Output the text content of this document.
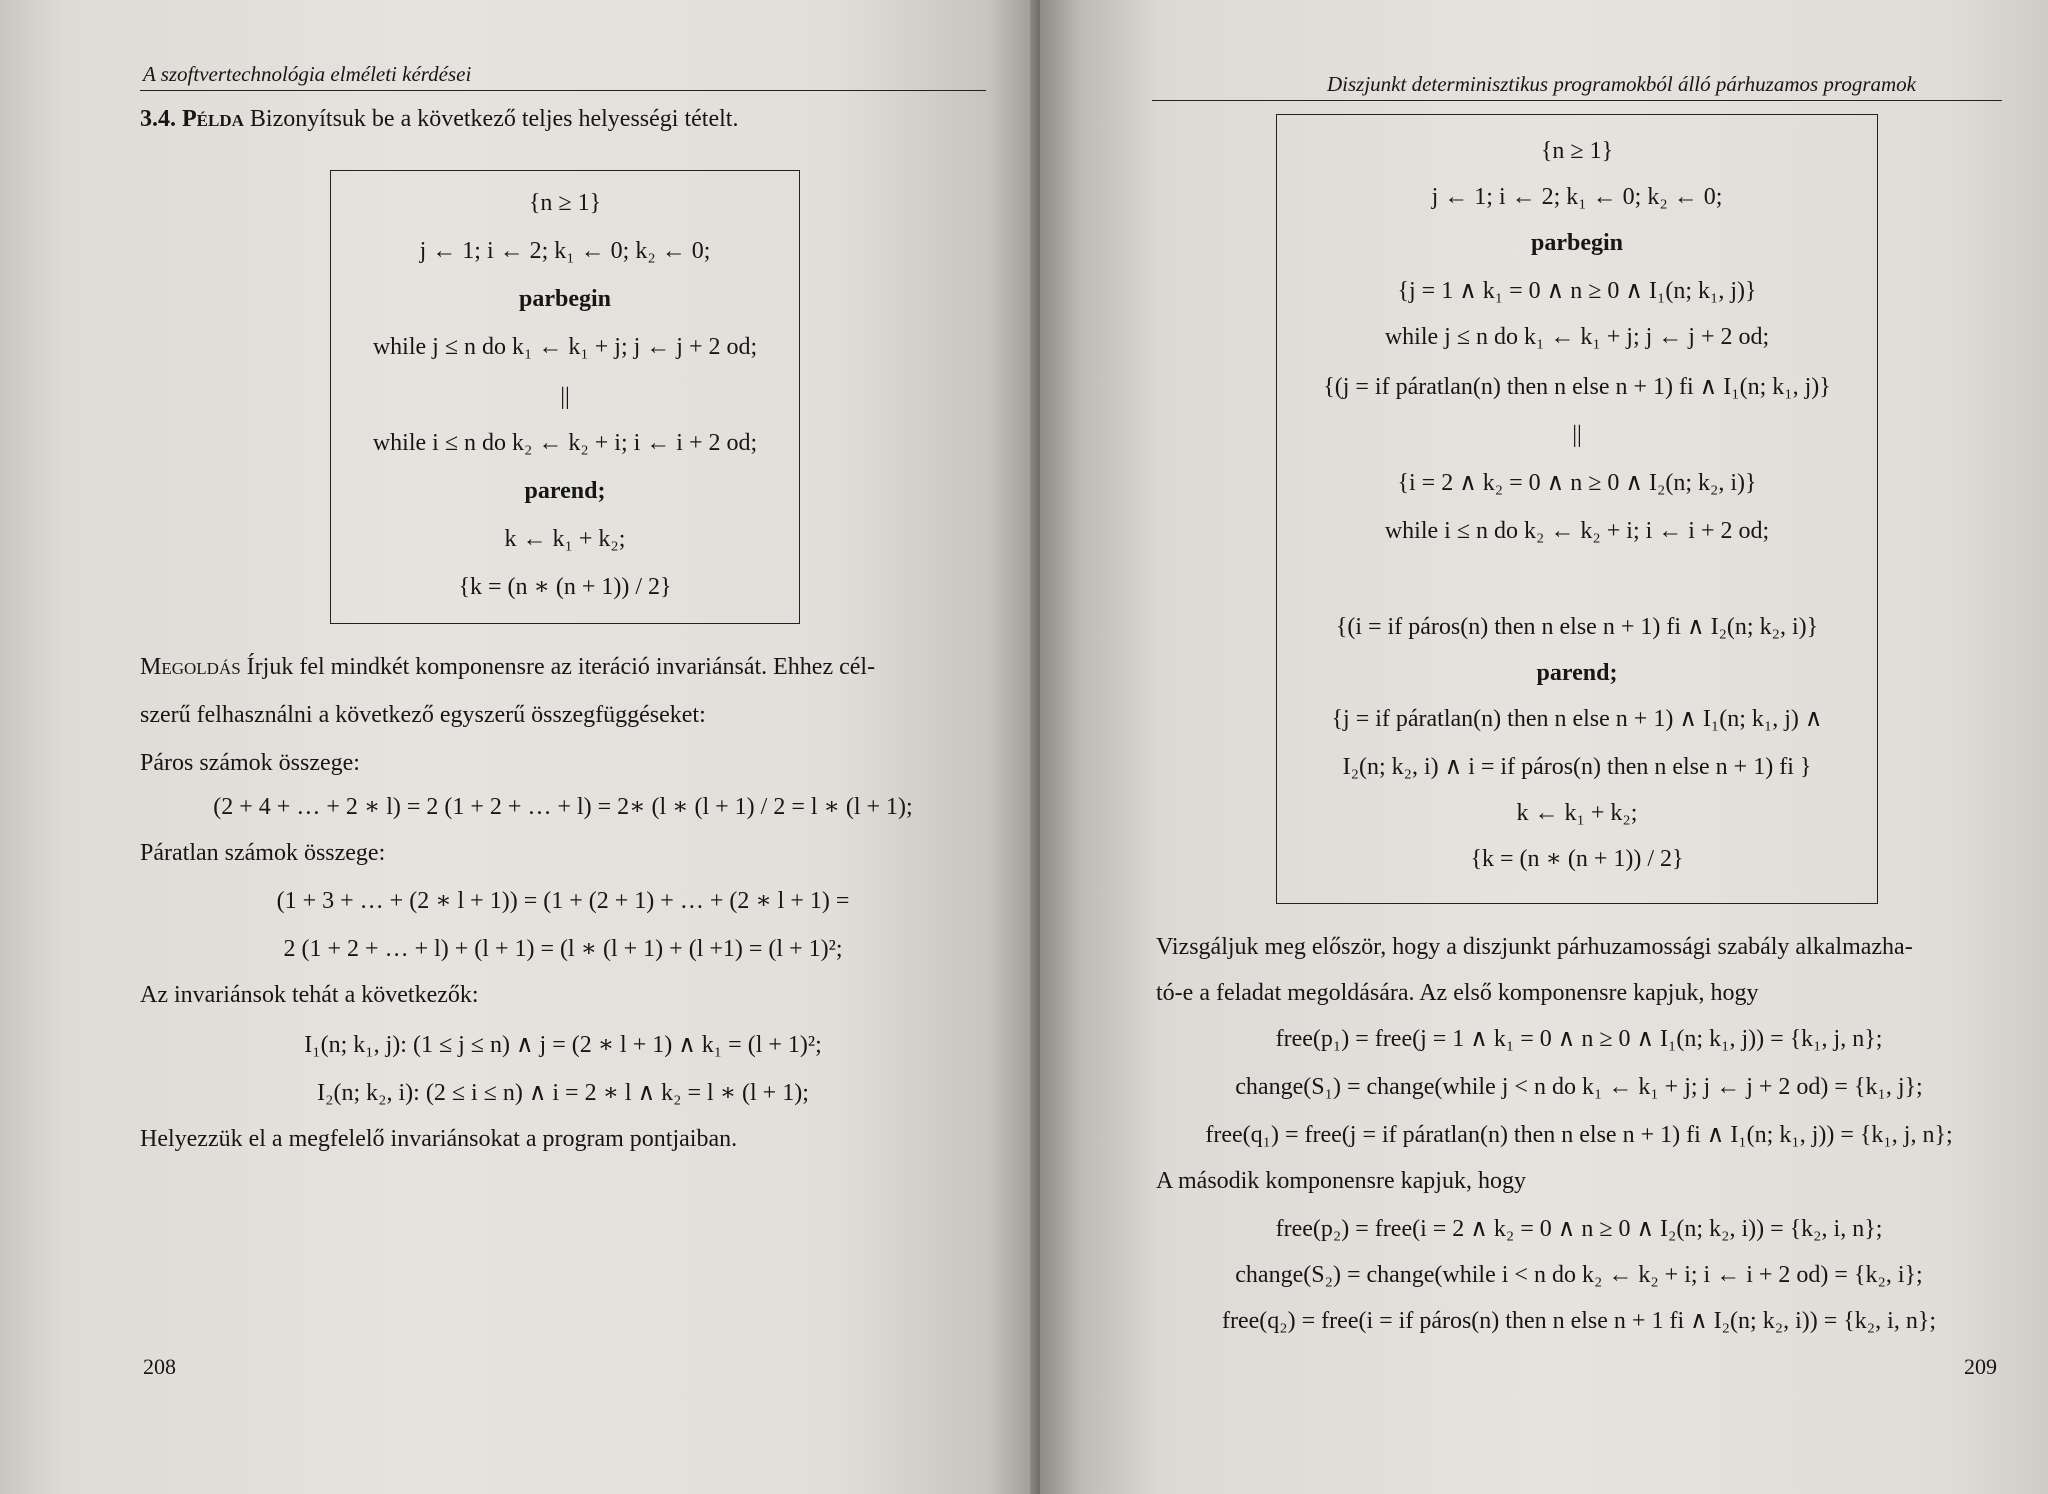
A szoftvertechnológia elméleti kérdései
3.4. Példa Bizonyítsuk be a következő teljes helyességi tételt.
{n ≥ 1}
j ← 1; i ← 2; k₁ ← 0; k₂ ← 0;
parbegin
while j ≤ n do k₁ ← k₁ + j; j ← j + 2 od;
||
while i ≤ n do k₂ ← k₂ + i; i ← i + 2 od;
parend;
k ← k₁ + k₂;
{k = (n ∗ (n + 1)) / 2}
Megoldás Írjuk fel mindkét komponensre az iteráció invariánsát. Ehhez cél-
szerű felhasználni a következő egyszerű összegfüggéseket:
Páros számok összege:
(2 + 4 + … + 2 ∗ l) = 2 (1 + 2 + … + l) = 2∗ (l ∗ (l + 1) / 2 = l ∗ (l + 1);
Páratlan számok összege:
(1 + 3 + … + (2 ∗ l + 1)) = (1 + (2 + 1) + … + (2 ∗ l + 1) =
2 (1 + 2 + … + l) + (l + 1) = (l ∗ (l + 1) + (l +1) = (l + 1)²;
Az invariánsok tehát a következők:
I₁(n; k₁, j): (1 ≤ j ≤ n) ∧ j = (2 ∗ l + 1) ∧ k₁ = (l + 1)²;
I₂(n; k₂, i): (2 ≤ i ≤ n) ∧ i = 2 ∗ l ∧ k₂ = l ∗ (l + 1);
Helyezzük el a megfelelő invariánsokat a program pontjaiban.
208
Diszjunkt determinisztikus programokból álló párhuzamos programok
{n ≥ 1}
j ← 1; i ← 2; k₁ ← 0; k₂ ← 0;
parbegin
{j = 1 ∧ k₁ = 0 ∧ n ≥ 0 ∧ I₁(n; k₁, j)}
while j ≤ n do k₁ ← k₁ + j; j ← j + 2 od;
{(j = if páratlan(n) then n else n + 1) fi ∧ I₁(n; k₁, j)}
||
{i = 2 ∧ k₂ = 0 ∧ n ≥ 0 ∧ I₂(n; k₂, i)}
while i ≤ n do k₂ ← k₂ + i; i ← i + 2 od;
{(i = if páros(n) then n else n + 1) fi ∧ I₂(n; k₂, i)}
parend;
{j = if páratlan(n) then n else n + 1) ∧ I₁(n; k₁, j) ∧
I₂(n; k₂, i) ∧ i = if páros(n) then n else n + 1) fi }
k ← k₁ + k₂;
{k = (n ∗ (n + 1)) / 2}
Vizsgáljuk meg először, hogy a diszjunkt párhuzamossági szabály alkalmazha-
tó-e a feladat megoldására. Az első komponensre kapjuk, hogy
free(p₁) = free(j = 1 ∧ k₁ = 0 ∧ n ≥ 0 ∧ I₁(n; k₁, j)) = {k₁, j, n};
change(S₁) = change(while j < n do k₁ ← k₁ + j; j ← j + 2 od) = {k₁, j};
free(q₁) = free(j = if páratlan(n) then n else n + 1) fi ∧ I₁(n; k₁, j)) = {k₁, j, n};
A második komponensre kapjuk, hogy
free(p₂) = free(i = 2 ∧ k₂ = 0 ∧ n ≥ 0 ∧ I₂(n; k₂, i)) = {k₂, i, n};
change(S₂) = change(while i < n do k₂ ← k₂ + i; i ← i + 2 od) = {k₂, i};
free(q₂) = free(i = if páros(n) then n else n + 1 fi ∧ I₂(n; k₂, i)) = {k₂, i, n};
209
